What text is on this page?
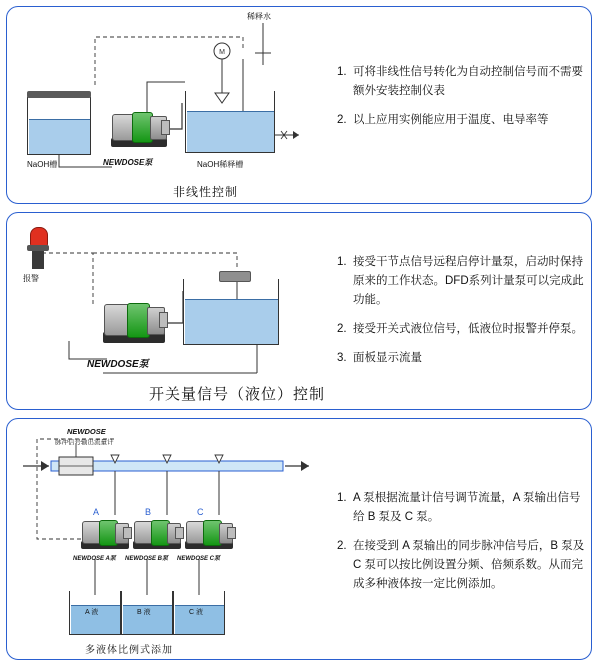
M
NaOH槽	NEWDOSE泵	NaOH稀释槽
稀释水
非线性控制
1. 可将非线性信号转化为自动控制信号而不需要额外安装控制仪表
2. 以上应用实例能应用于温度、电导率等
报警
NEWDOSE泵
开关量信号（液位）控制
1. 接受干节点信号远程启停计量泵，启动时保持原来的工作状态。DFD系列计量泵可以完成此功能。
2. 接受开关式液位信号，低液位时报警并停泵。
3. 面板显示流量
NEWDOSE
脉冲信号输出流量计
A	B	C
NEWDOSE A泵 NEWDOSE B泵 NEWDOSE C泵
A 液	B 液	C 液
多液体比例式添加
1. A 泵根据流量计信号调节流量，A 泵输出信号给 B 泵及 C 泵。
2. 在接受到 A 泵输出的同步脉冲信号后，B 泵及 C 泵可以按比例设置分频、倍频系数。从而完成多种液体按一定比例添加。
